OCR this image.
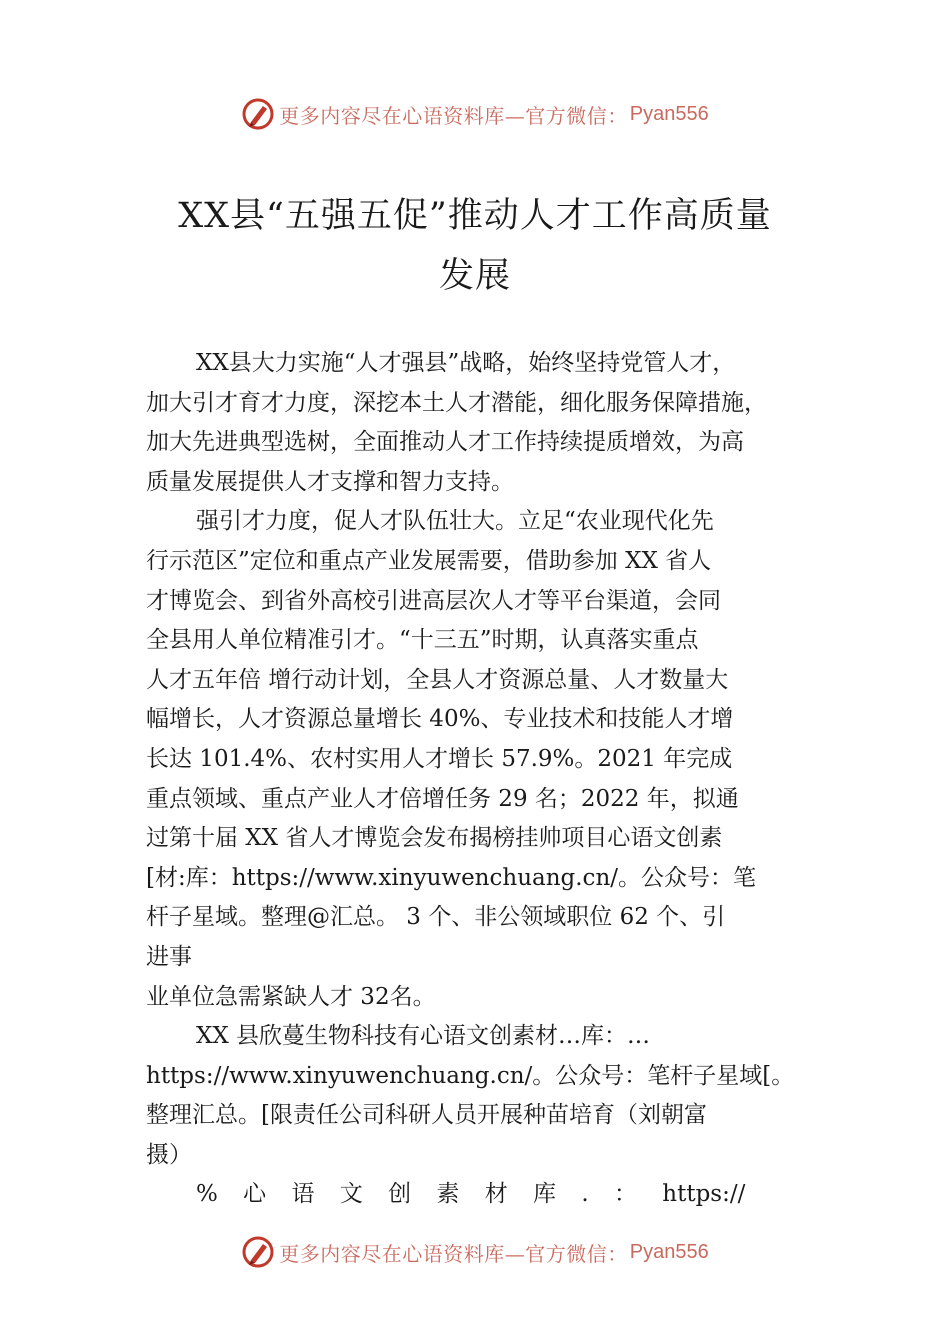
更多内容尽在心语资料库—官方微信： Pyan556
XX县“五强五促”推动人才工作高质量
发展
XX县大力实施“人才强县”战略，始终坚持党管人才，
加大引才育才力度，深挖本土人才潜能，细化服务保障措施，
加大先进典型选树，全面推动人才工作持续提质增效，为高
质量发展提供人才支撑和智力支持。
强引才力度，促人才队伍壮大。立足“农业现代化先
行示范区”定位和重点产业发展需要，借助参加 XX 省人
才博览会、到省外高校引进高层次人才等平台渠道，会同
全县用人单位精准引才。“十三五”时期，认真落实重点
人才五年倍 增行动计划，全县人才资源总量、人才数量大
幅增长，人才资源总量增长 40%、专业技术和技能人才增
长达 101.4%、农村实用人才增长 57.9%。2021 年完成
重点领域、重点产业人才倍增任务 29 名；2022 年，拟通
过第十届 XX 省人才博览会发布揭榜挂帅项目心语文创素
[材:库：https://www.xinyuwenchuang.cn/。公众号：笔
杆子星域。整理@汇总。 3 个、非公领域职位 62 个、引
进事
业单位急需紧缺人才 32名。
XX 县欣蔓生物科技有心语文创素材…库：…
https://www.xinyuwenchuang.cn/。公众号：笔杆子星域[。
整理汇总。[限责任公司科研人员开展种苗培育（刘朝富
摄）
% 心 语 文 创 素 材 库 . ： https://
更多内容尽在心语资料库—官方微信： Pyan556
